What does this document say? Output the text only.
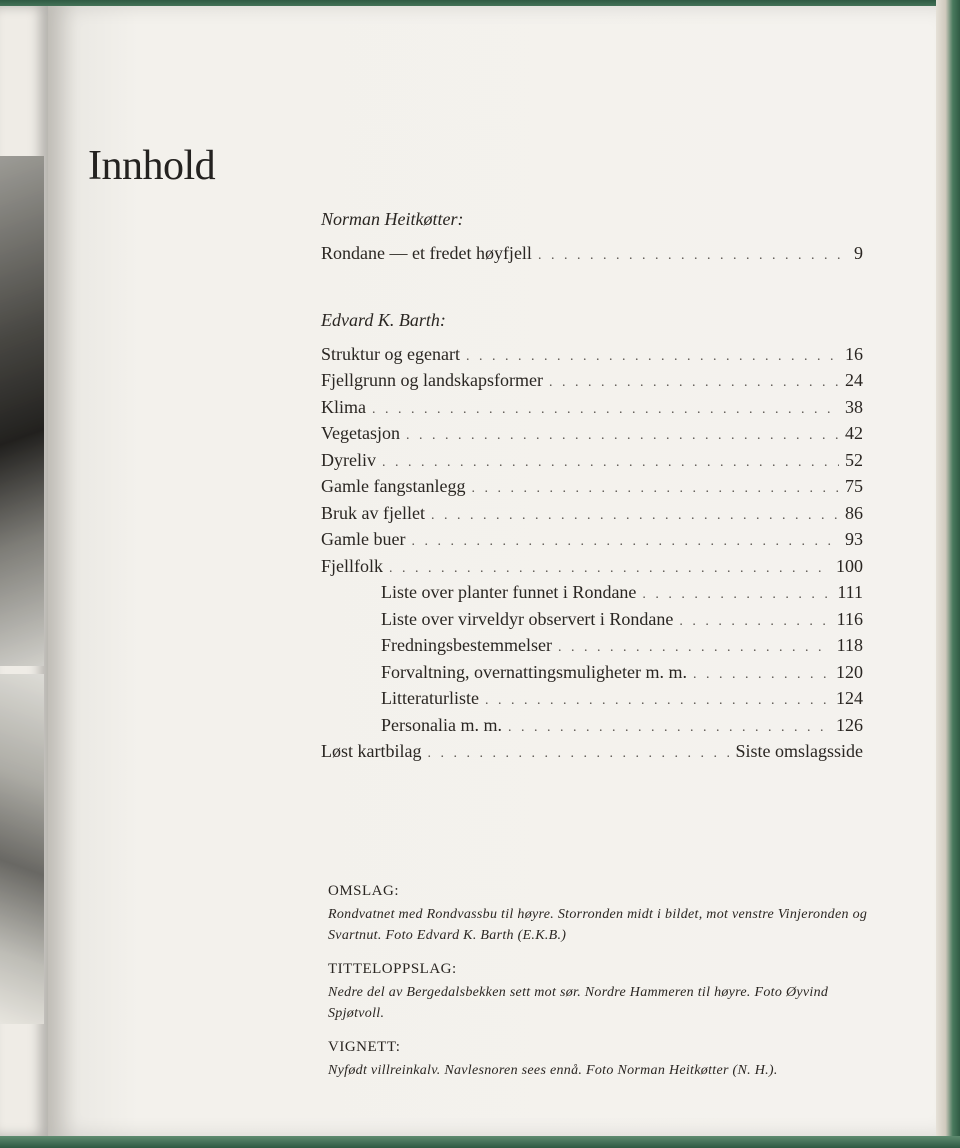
Innhold
Norman Heitkøtter:
Rondane — et fredet høyfjell . . .	9
Edvard K. Barth:
Struktur og egenart . . .	16
Fjellgrunn og landskapsformer . . .	24
Klima . . .	38
Vegetasjon . . .	42
Dyreliv . . .	52
Gamle fangstanlegg . . .	75
Bruk av fjellet . . .	86
Gamle buer . . .	93
Fjellfolk . . .	100
Liste over planter funnet i Rondane . . .	111
Liste over virveldyr observert i Rondane . . .	116
Fredningsbestemmelser . . .	118
Forvaltning, overnattingsmuligheter m. m. . . .	120
Litteraturliste . . .	124
Personalia m. m. . . .	126
Løst kartbilag . . .	Siste omslagsside

OMSLAG:

Rondvatnet med Rondvassbu til høyre. Storronden midt i bildet, mot venstre Vinjeronden og Svartnut. Foto Edvard K. Barth (E.K.B.)

TITTELOPPSLAG:

Nedre del av Bergedalsbekken sett mot sør. Nordre Hammeren til høyre. Foto Øyvind Spjøtvoll.

VIGNETT:

Nyfødt villreinkalv. Navlesnoren sees ennå. Foto Norman Heitkøtter (N. H.).
